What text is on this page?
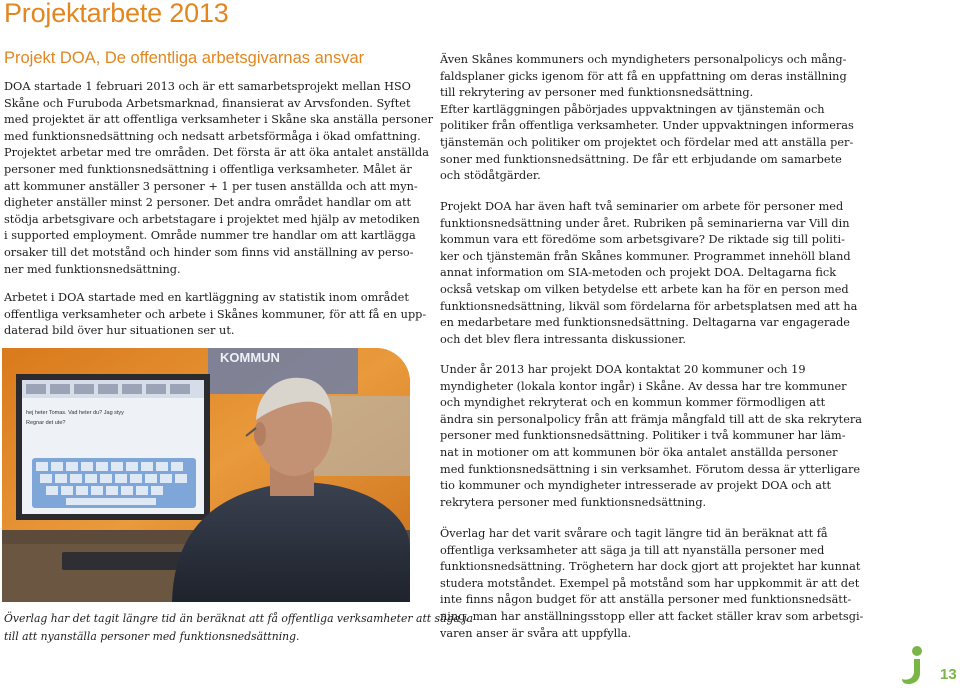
Projektarbete 2013
Projekt DOA, De offentliga arbetsgivarnas ansvar

DOA startade 1 februari 2013 och är ett samarbetsprojekt mellan HSO
Skåne och Furuboda Arbetsmarknad, finansierat av Arvsfonden. Syftet
med projektet är att offentliga verksamheter i Skåne ska anställa personer
med funktionsnedsättning och nedsatt arbetsförmåga i ökad omfattning.
Projektet arbetar med tre områden. Det första är att öka antalet anställda
personer med funktionsnedsättning i offentliga verksamheter. Målet är
att kommuner anställer 3 personer + 1 per tusen anställda och att myn-
digheter anställer minst 2 personer. Det andra området handlar om att
stödja arbetsgivare och arbetstagare i projektet med hjälp av metodiken
i supported employment. Område nummer tre handlar om att kartlägga
orsaker till det motstånd och hinder som finns vid anställning av perso-
ner med funktionsnedsättning.

Arbetet i DOA startade med en kartläggning av statistik inom området
offentliga verksamheter och arbete i Skånes kommuner, för att få en upp-
daterad bild över hur situationen ser ut.

KOMMUN
hej heter Tomas. Vad heter du? Jag styy
Regnar det ute?

Överlag har det tagit längre tid än beräknat att få offentliga verksamheter att säga ja
till att nyanställa personer med funktionsnedsättning.

Även Skånes kommuners och myndigheters personalpolicys och mång-
faldsplaner gicks igenom för att få en uppfattning om deras inställning
till rekrytering av personer med funktionsnedsättning.
Efter kartläggningen påbörjades uppvaktningen av tjänstemän och
politiker från offentliga verksamheter. Under uppvaktningen informeras
tjänstemän och politiker om projektet och fördelar med att anställa per-
soner med funktionsnedsättning. De får ett erbjudande om samarbete
och stödåtgärder.

Projekt DOA har även haft två seminarier om arbete för personer med
funktionsnedsättning under året. Rubriken på seminarierna var Vill din
kommun vara ett föredöme som arbetsgivare? De riktade sig till politi-
ker och tjänstemän från Skånes kommuner. Programmet innehöll bland
annat information om SIA-metoden och projekt DOA. Deltagarna fick
också vetskap om vilken betydelse ett arbete kan ha för en person med
funktionsnedsättning, likväl som fördelarna för arbetsplatsen med att ha
en medarbetare med funktionsnedsättning. Deltagarna var engagerade
och det blev flera intressanta diskussioner.

Under år 2013 har projekt DOA kontaktat 20 kommuner och 19
myndigheter (lokala kontor ingår) i Skåne. Av dessa har tre kommuner
och myndighet rekryterat och en kommun kommer förmodligen att
ändra sin personalpolicy från att främja mångfald till att de ska rekrytera
personer med funktionsnedsättning. Politiker i två kommuner har läm-
nat in motioner om att kommunen bör öka antalet anställda personer
med funktionsnedsättning i sin verksamhet. Förutom dessa är ytterligare
tio kommuner och myndigheter intresserade av projekt DOA och att
rekrytera personer med funktionsnedsättning.

Överlag har det varit svårare och tagit längre tid än beräknat att få
offentliga verksamheter att säga ja till att nyanställa personer med
funktionsnedsättning. Tröghetern har dock gjort att projektet har kunnat
studera motståndet. Exempel på motstånd som har uppkommit är att det
inte finns någon budget för att anställa personer med funktionsnedsätt-
ning, man har anställningsstopp eller att facket ställer krav som arbetsgi-
varen anser är svåra att uppfylla.

13
